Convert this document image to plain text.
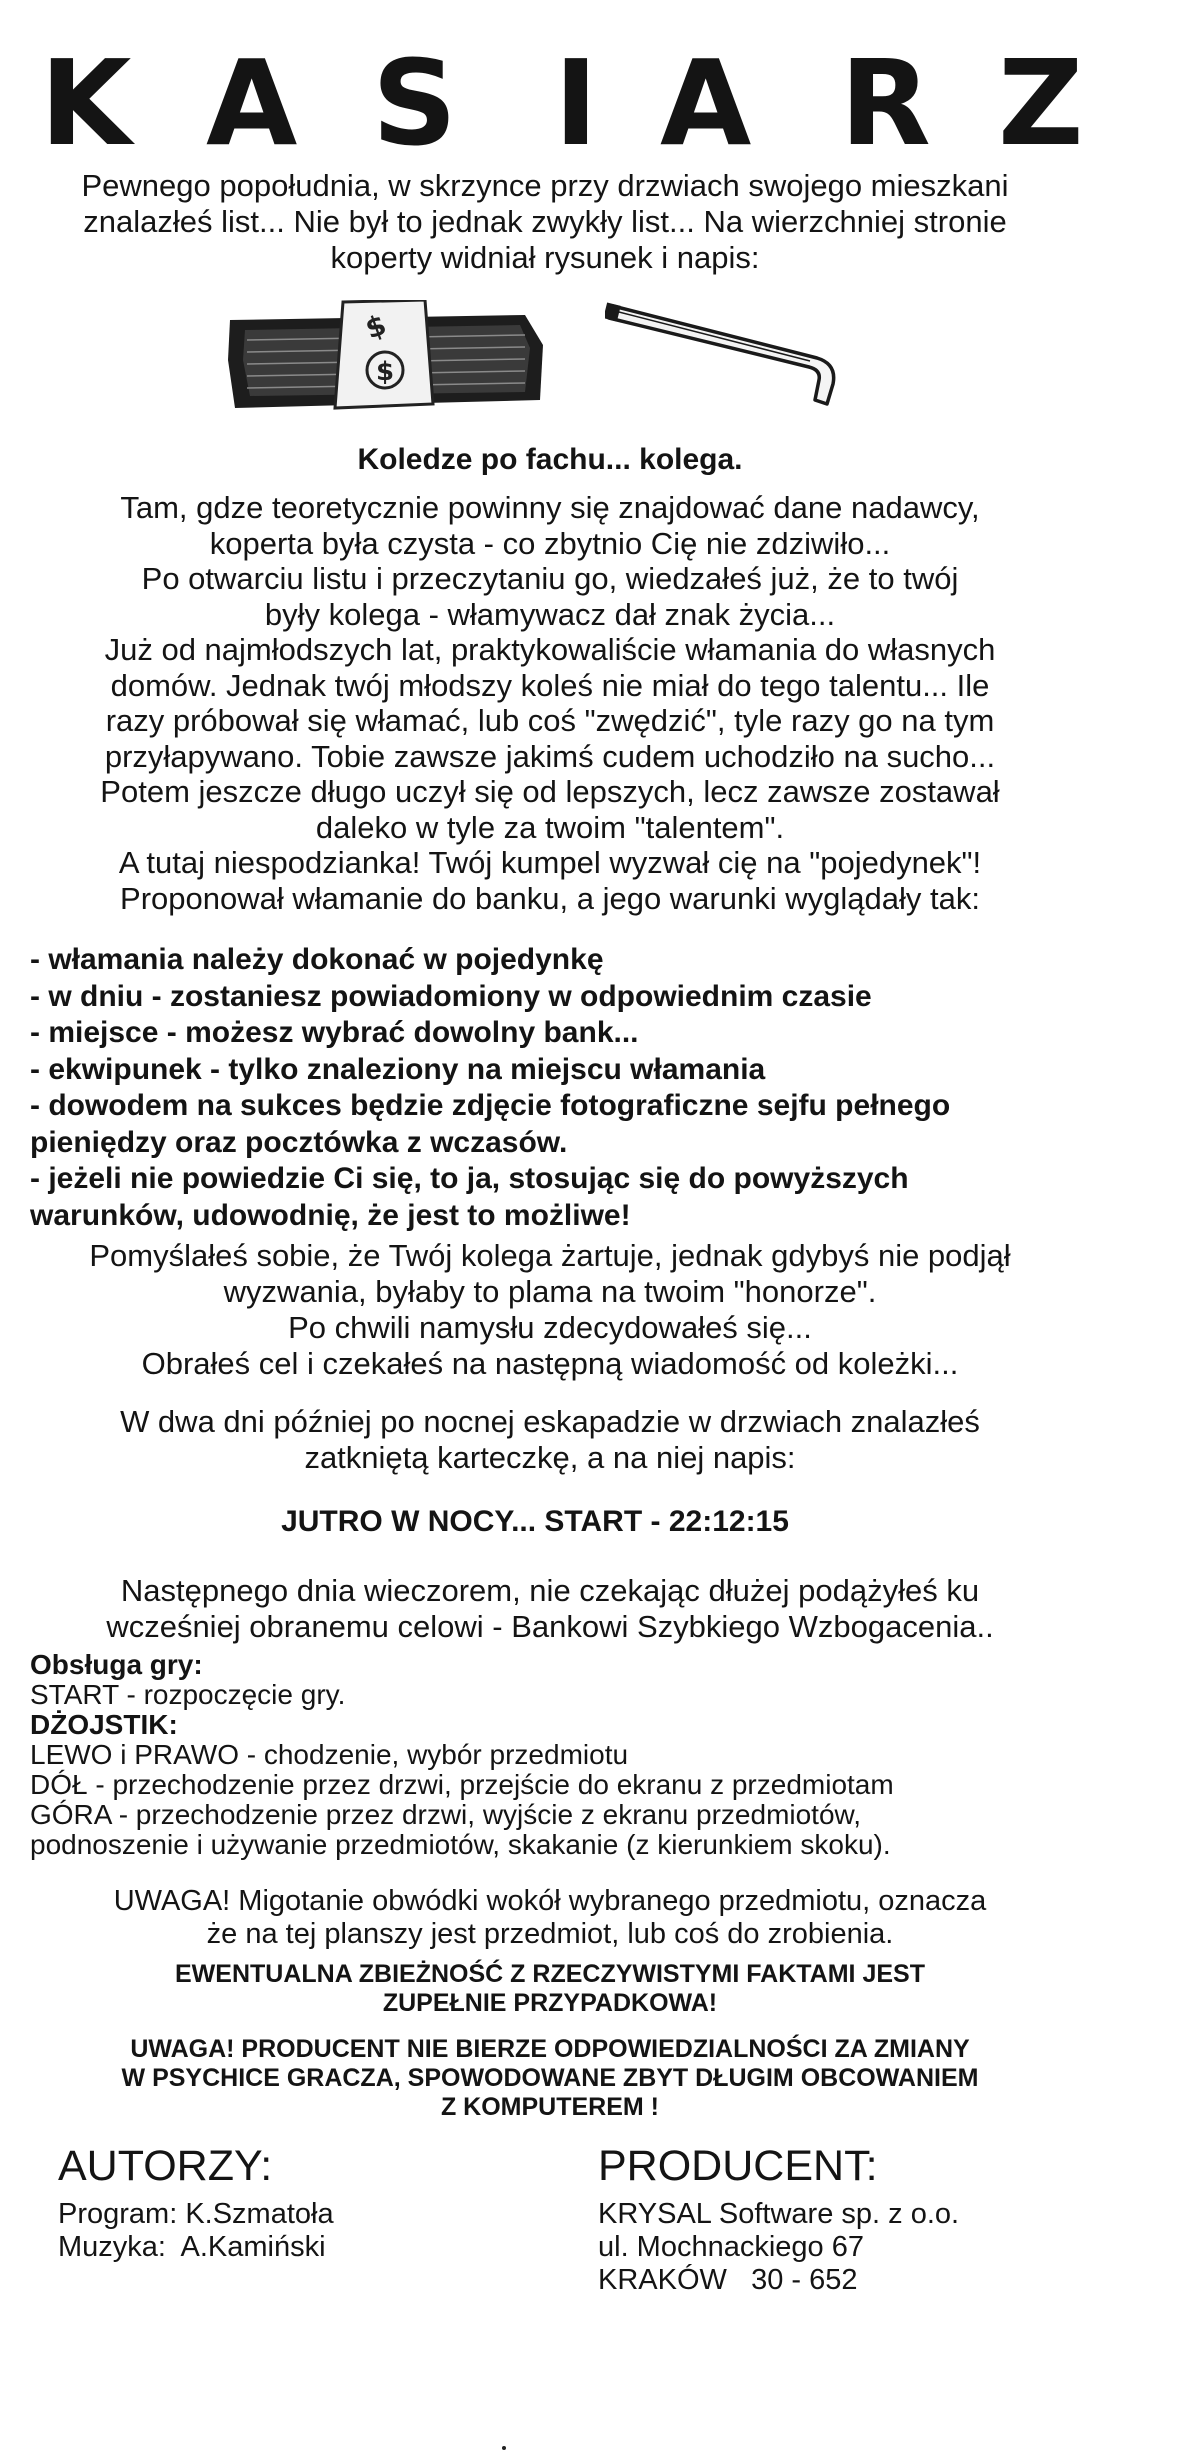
K A S I A R Z
Pewnego popołudnia, w skrzynce przy drzwiach swojego mieszkani
znalazłeś list... Nie był to jednak zwykły list... Na wierzchniej stronie
koperty widniał rysunek i napis:
$
$
Koledze po fachu... kolega.
Tam, gdze teoretycznie powinny się znajdować dane nadawcy,
koperta była czysta - co zbytnio Cię nie zdziwiło...
Po otwarciu listu i przeczytaniu go, wiedzałeś już, że to twój
były kolega - włamywacz dał znak życia...
Już od najmłodszych lat, praktykowaliście włamania do własnych
domów. Jednak twój młodszy koleś nie miał do tego talentu... Ile
razy próbował się włamać, lub coś "zwędzić", tyle razy go na tym
przyłapywano. Tobie zawsze jakimś cudem uchodziło na sucho...
Potem jeszcze długo uczył się od lepszych, lecz zawsze zostawał
daleko w tyle za twoim "talentem".
A tutaj niespodzianka! Twój kumpel wyzwał cię na "pojedynek"!
Proponował włamanie do banku, a jego warunki wyglądały tak:
- włamania należy dokonać w pojedynkę
- w dniu - zostaniesz powiadomiony w odpowiednim czasie
- miejsce - możesz wybrać dowolny bank...
- ekwipunek - tylko znaleziony na miejscu włamania
- dowodem na sukces będzie zdjęcie fotograficzne sejfu pełnego
pieniędzy oraz pocztówka z wczasów.
- jeżeli nie powiedzie Ci się, to ja, stosując się do powyższych
warunków, udowodnię, że jest to możliwe!
Pomyślałeś sobie, że Twój kolega żartuje, jednak gdybyś nie podjął
wyzwania, byłaby to plama na twoim "honorze".
Po chwili namysłu zdecydowałeś się...
Obrałeś cel i czekałeś na następną wiadomość od koleżki...
W dwa dni później po nocnej eskapadzie w drzwiach znalazłeś
zatkniętą karteczkę, a na niej napis:
JUTRO W NOCY... START - 22:12:15
Następnego dnia wieczorem, nie czekając dłużej podążyłeś ku
wcześniej obranemu celowi - Bankowi Szybkiego Wzbogacenia..
Obsługa gry:
START - rozpoczęcie gry.
DŻOJSTIK:
LEWO i PRAWO - chodzenie, wybór przedmiotu
DÓŁ - przechodzenie przez drzwi, przejście do ekranu z przedmiotam
GÓRA - przechodzenie przez drzwi, wyjście z ekranu przedmiotów,
podnoszenie i używanie przedmiotów, skakanie (z kierunkiem skoku).
UWAGA! Migotanie obwódki wokół wybranego przedmiotu, oznacza
że na tej planszy jest przedmiot, lub coś do zrobienia.
EWENTUALNA ZBIEŻNOŚĆ Z RZECZYWISTYMI FAKTAMI JEST
ZUPEŁNIE PRZYPADKOWA!
UWAGA! PRODUCENT NIE BIERZE ODPOWIEDZIALNOŚCI ZA ZMIANY
W PSYCHICE GRACZA, SPOWODOWANE ZBYT DŁUGIM OBCOWANIEM
Z KOMPUTEREM !
AUTORZY:
Program: K.Szmatoła
Muzyka:  A.Kamiński
PRODUCENT:
KRYSAL Software sp. z o.o.
ul. Mochnackiego 67
KRAKÓW   30 - 652
